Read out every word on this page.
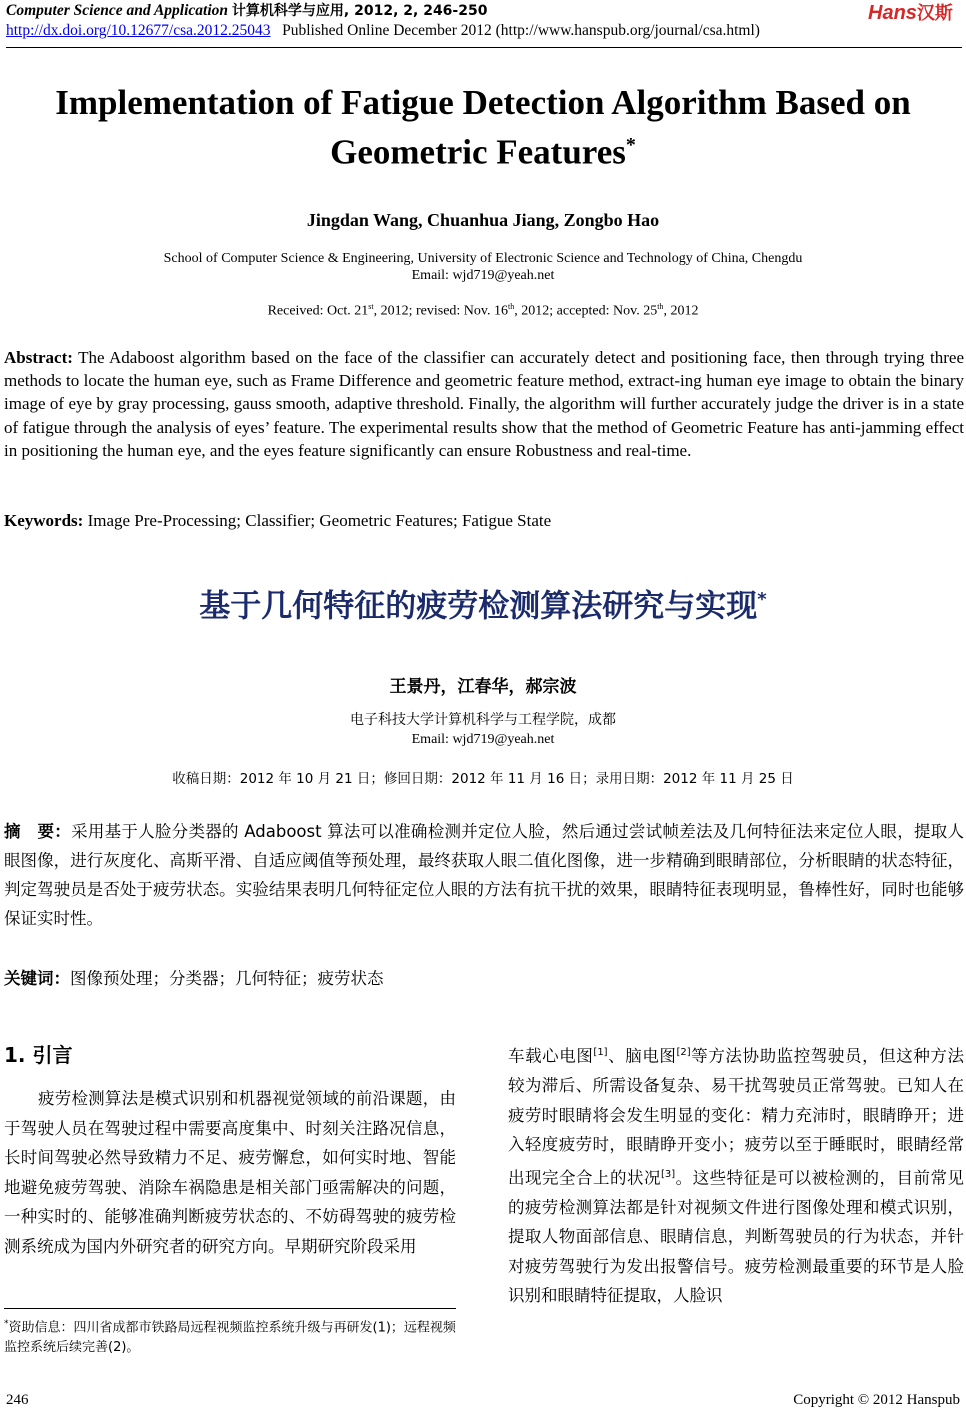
Computer Science and Application 计算机科学与应用, 2012, 2, 246-250	Hans汉斯
http://dx.doi.org/10.12677/csa.2012.25043 Published Online December 2012 (http://www.hanspub.org/journal/csa.html)
Implementation of Fatigue Detection Algorithm Based on Geometric Features*
Jingdan Wang, Chuanhua Jiang, Zongbo Hao
School of Computer Science & Engineering, University of Electronic Science and Technology of China, Chengdu
Email: wjd719@yeah.net
Received: Oct. 21st, 2012; revised: Nov. 16th, 2012; accepted: Nov. 25th, 2012
Abstract: The Adaboost algorithm based on the face of the classifier can accurately detect and positioning face, then through trying three methods to locate the human eye, such as Frame Difference and geometric feature method, extract-ing human eye image to obtain the binary image of eye by gray processing, gauss smooth, adaptive threshold. Finally, the algorithm will further accurately judge the driver is in a state of fatigue through the analysis of eyes’ feature. The experimental results show that the method of Geometric Feature has anti-jamming effect in positioning the human eye, and the eyes feature significantly can ensure Robustness and real-time.
Keywords: Image Pre-Processing; Classifier; Geometric Features; Fatigue State
基于几何特征的疲劳检测算法研究与实现*
王景丹，江春华，郝宗波
电子科技大学计算机科学与工程学院，成都
Email: wjd719@yeah.net
收稿日期：2012 年 10 月 21 日；修回日期：2012 年 11 月 16 日；录用日期：2012 年 11 月 25 日
摘　要：采用基于人脸分类器的 Adaboost 算法可以准确检测并定位人脸，然后通过尝试帧差法及几何特征法来定位人眼，提取人眼图像，进行灰度化、高斯平滑、自适应阈值等预处理，最终获取人眼二值化图像，进一步精确到眼睛部位，分析眼睛的状态特征，判定驾驶员是否处于疲劳状态。实验结果表明几何特征定位人眼的方法有抗干扰的效果，眼睛特征表现明显，鲁棒性好，同时也能够保证实时性。
关键词：图像预处理；分类器；几何特征；疲劳状态
1. 引言
疲劳检测算法是模式识别和机器视觉领域的前沿课题，由于驾驶人员在驾驶过程中需要高度集中、时刻关注路况信息，长时间驾驶必然导致精力不足、疲劳懈怠，如何实时地、智能地避免疲劳驾驶、消除车祸隐患是相关部门亟需解决的问题，一种实时的、能够准确判断疲劳状态的、不妨碍驾驶的疲劳检测系统成为国内外研究者的研究方向。早期研究阶段采用
车载心电图[1]、脑电图[2]等方法协助监控驾驶员，但这种方法较为滞后、所需设备复杂、易干扰驾驶员正常驾驶。已知人在疲劳时眼睛将会发生明显的变化：精力充沛时，眼睛睁开；进入轻度疲劳时，眼睛睁开变小；疲劳以至于睡眠时，眼睛经常出现完全合上的状况[3]。这些特征是可以被检测的，目前常见的疲劳检测算法都是针对视频文件进行图像处理和模式识别，提取人物面部信息、眼睛信息，判断驾驶员的行为状态，并针对疲劳驾驶行为发出报警信号。疲劳检测最重要的环节是人脸识别和眼睛特征提取，人脸识
*资助信息：四川省成都市铁路局远程视频监控系统升级与再研发(1)；远程视频监控系统后续完善(2)。
246	Copyright © 2012 Hanspub
